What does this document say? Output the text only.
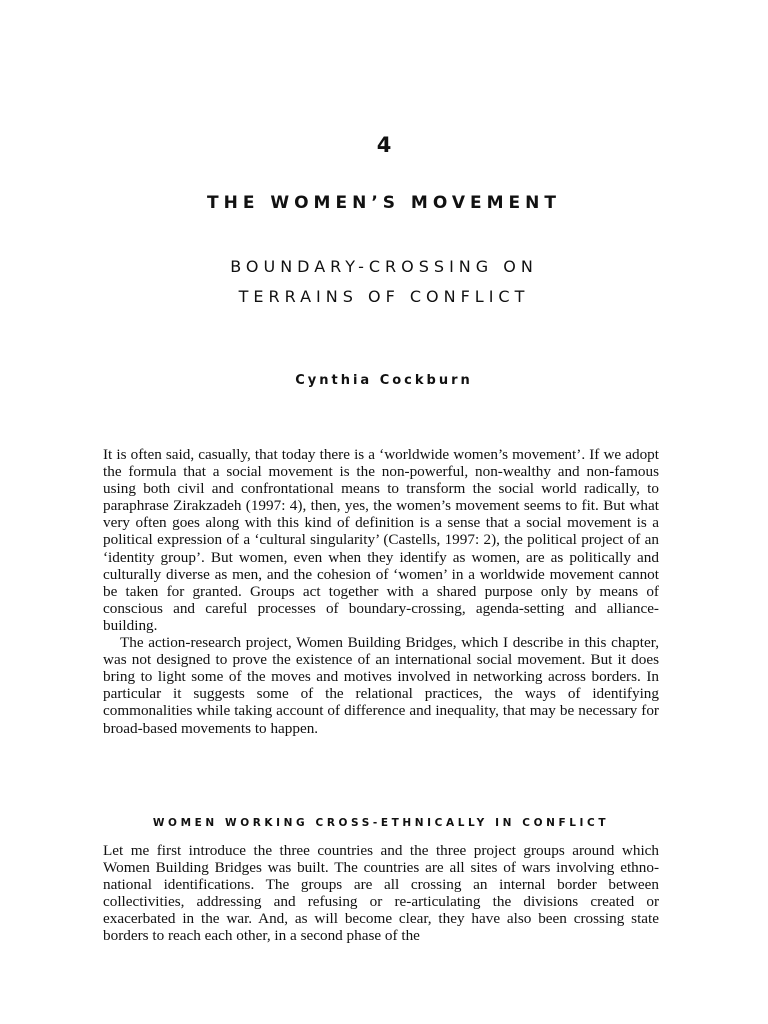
4
THE WOMEN’S MOVEMENT
BOUNDARY-CROSSING ON
TERRAINS OF CONFLICT
Cynthia Cockburn

It is often said, casually, that today there is a ‘worldwide women’s movement’. If we adopt the formula that a social movement is the non-powerful, non-wealthy and non-famous using both civil and confrontational means to transform the social world radically, to paraphrase Zirakzadeh (1997: 4), then, yes, the women’s movement seems to fit. But what very often goes along with this kind of definition is a sense that a social movement is a political expression of a ‘cultural singularity’ (Castells, 1997: 2), the political project of an ‘identity group’. But women, even when they identify as women, are as politically and culturally diverse as men, and the cohesion of ‘women’ in a worldwide movement cannot be taken for granted. Groups act together with a shared purpose only by means of conscious and careful processes of boundary-crossing, agenda-setting and alliance-building.

The action-research project, Women Building Bridges, which I describe in this chapter, was not designed to prove the existence of an international social movement. But it does bring to light some of the moves and motives involved in networking across borders. In particular it suggests some of the relational practices, the ways of identifying commonalities while taking account of difference and inequality, that may be necessary for broad-based movements to happen.

WOMEN WORKING CROSS-ETHNICALLY IN CONFLICT

Let me first introduce the three countries and the three project groups around which Women Building Bridges was built. The countries are all sites of wars involving ethno-national identifications. The groups are all crossing an internal border between collectivities, addressing and refusing or re-articulating the divisions created or exacerbated in the war. And, as will become clear, they have also been crossing state borders to reach each other, in a second phase of the
